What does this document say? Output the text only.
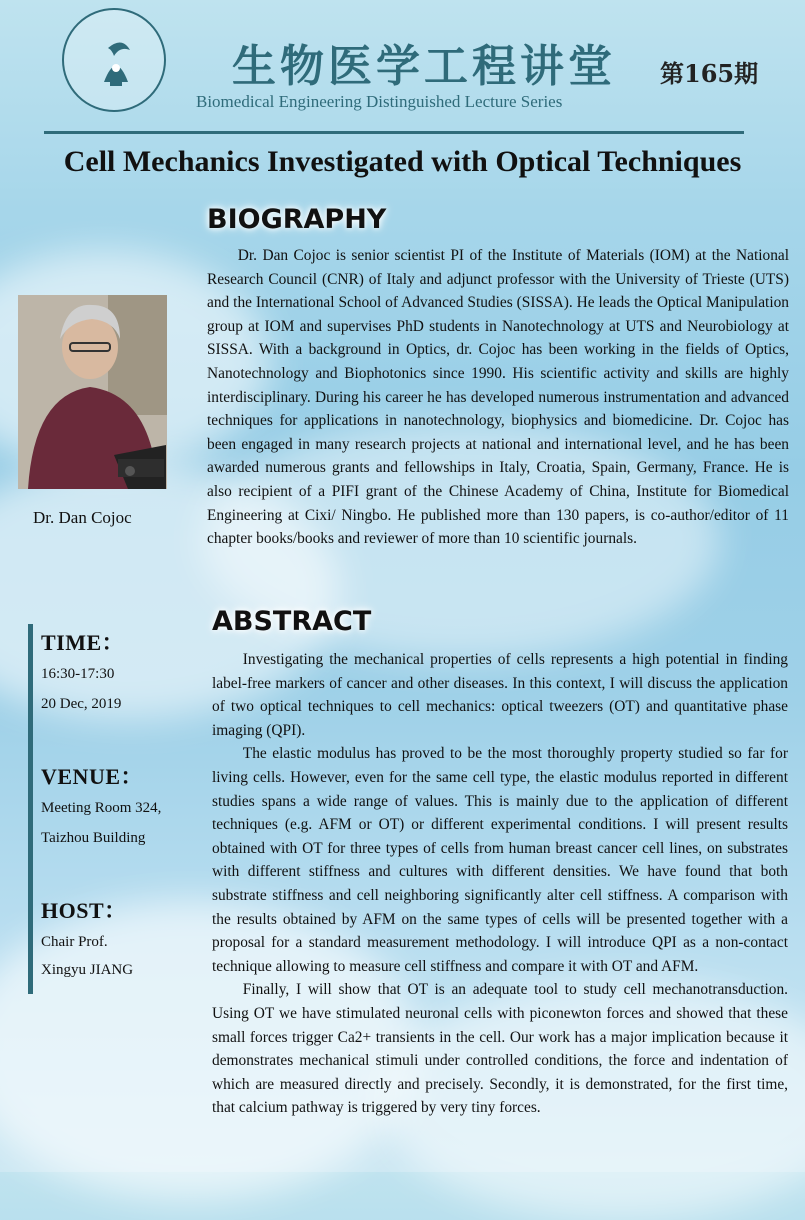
生物医学工程讲堂 第165期
Biomedical Engineering Distinguished Lecture Series
Cell Mechanics Investigated with Optical Techniques
BIOGRAPHY

Dr. Dan Cojoc is senior scientist PI of the Institute of Materials (IOM) at the National Research Council (CNR) of Italy and adjunct professor with the University of Trieste (UTS) and the International School of Advanced Studies (SISSA). He leads the Optical Manipulation group at IOM and supervises PhD students in Nanotechnology at UTS and Neurobiology at SISSA. With a background in Optics, dr. Cojoc has been working in the fields of Optics, Nanotechnology and Biophotonics since 1990. His scientific activity and skills are highly interdisciplinary. During his career he has developed numerous instrumentation and advanced techniques for applications in nanotechnology, biophysics and biomedicine. Dr. Cojoc has been engaged in many research projects at national and international level, and he has been awarded numerous grants and fellowships in Italy, Croatia, Spain, Germany, France. He is also recipient of a PIFI grant of the Chinese Academy of China, Institute for Biomedical Engineering at Cixi/ Ningbo. He published more than 130 papers, is co-author/editor of 11 chapter books/books and reviewer of more than 10 scientific journals.

Dr. Dan Cojoc
TIME：
16:30-17:30
20 Dec, 2019
VENUE：
Meeting Room 324,
Taizhou Building
HOST：
Chair Prof.
Xingyu JIANG
ABSTRACT

Investigating the mechanical properties of cells represents a high potential in finding label-free markers of cancer and other diseases. In this context, I will discuss the application of two optical techniques to cell mechanics: optical tweezers (OT) and quantitative phase imaging (QPI).

The elastic modulus has proved to be the most thoroughly property studied so far for living cells. However, even for the same cell type, the elastic modulus reported in different studies spans a wide range of values. This is mainly due to the application of different techniques (e.g. AFM or OT) or different experimental conditions. I will present results obtained with OT for three types of cells from human breast cancer cell lines, on substrates with different stiffness and cultures with different densities. We have found that both substrate stiffness and cell neighboring significantly alter cell stiffness. A comparison with the results obtained by AFM on the same types of cells will be presented together with a proposal for a standard measurement methodology. I will introduce QPI as a non-contact technique allowing to measure cell stiffness and compare it with OT and AFM.

Finally, I will show that OT is an adequate tool to study cell mechanotransduction. Using OT we have stimulated neuronal cells with piconewton forces and showed that these small forces trigger Ca2+ transients in the cell. Our work has a major implication because it demonstrates mechanical stimuli under controlled conditions, the force and indentation of which are measured directly and precisely. Secondly, it is demonstrated, for the first time, that calcium pathway is triggered by very tiny forces.
